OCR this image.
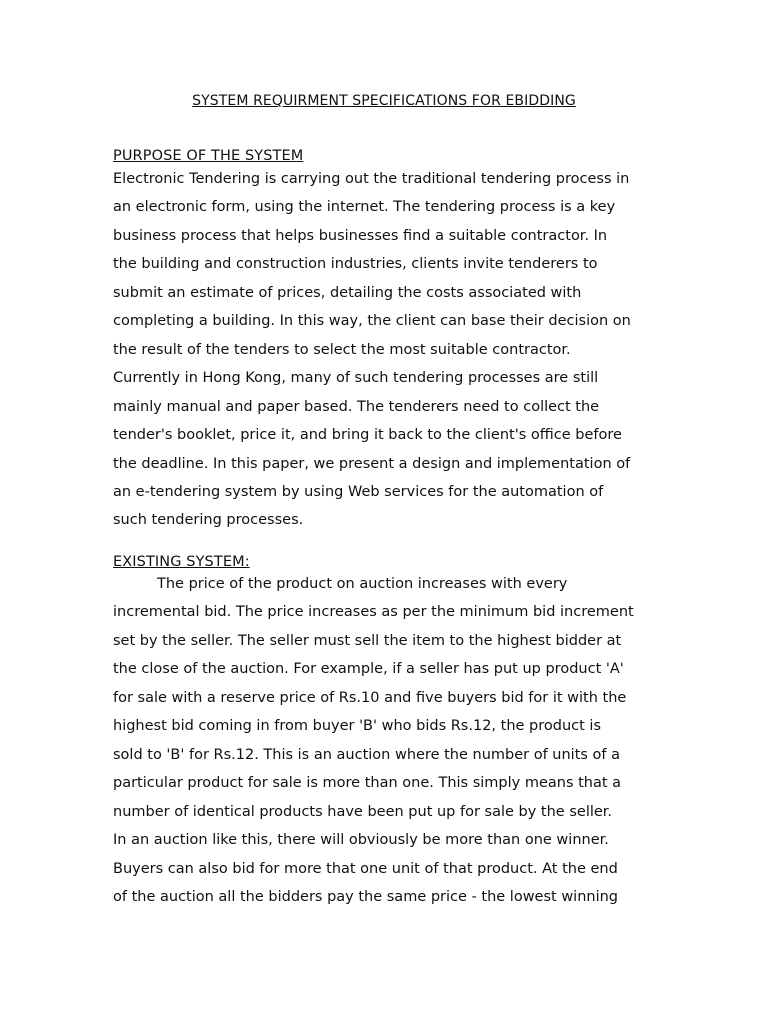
SYSTEM REQUIRMENT SPECIFICATIONS FOR EBIDDING
PURPOSE OF THE SYSTEM
Electronic Tendering is carrying out the traditional tendering process in
an electronic form, using the internet. The tendering process is a key
business process that helps businesses find a suitable contractor. In
the building and construction industries, clients invite tenderers to
submit an estimate of prices, detailing the costs associated with
completing a building. In this way, the client can base their decision on
the result of the tenders to select the most suitable contractor.
Currently in Hong Kong, many of such tendering processes are still
mainly manual and paper based. The tenderers need to collect the
tender's booklet, price it, and bring it back to the client's office before
the deadline. In this paper, we present a design and implementation of
an e-tendering system by using Web services for the automation of
such tendering processes.
EXISTING SYSTEM:
The price of the product on auction increases with every
incremental bid. The price increases as per the minimum bid increment
set by the seller. The seller must sell the item to the highest bidder at
the close of the auction. For example, if a seller has put up product 'A'
for sale with a reserve price of Rs.10 and five buyers bid for it with the
highest bid coming in from buyer 'B' who bids Rs.12, the product is
sold to 'B' for Rs.12. This is an auction where the number of units of a
particular product for sale is more than one. This simply means that a
number of identical products have been put up for sale by the seller.
In an auction like this, there will obviously be more than one winner.
Buyers can also bid for more that one unit of that product. At the end
of the auction all the bidders pay the same price - the lowest winning
